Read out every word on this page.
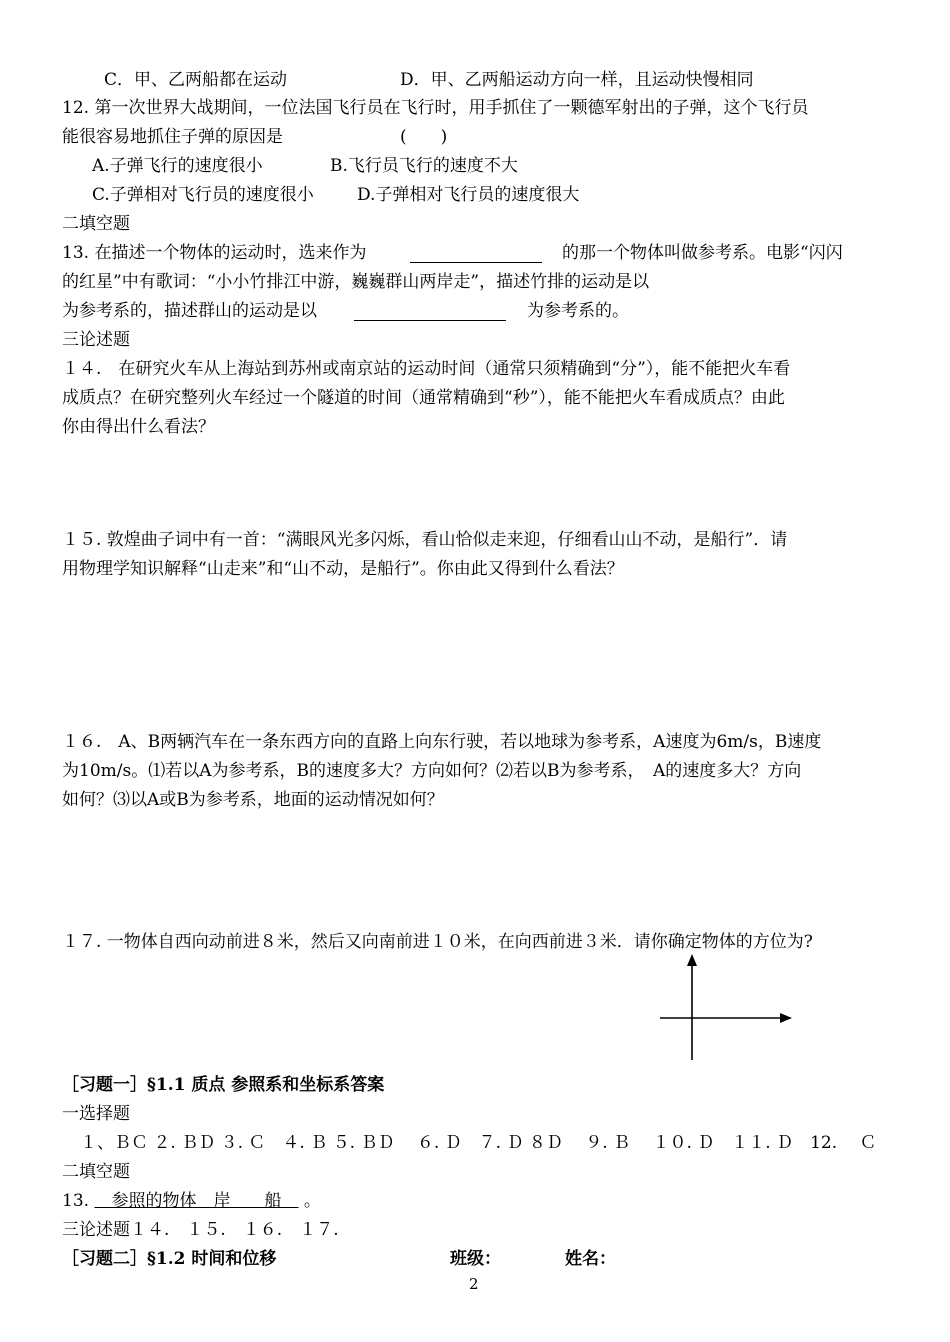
C．甲、乙两船都在运动	D．甲、乙两船运动方向一样，且运动快慢相同
12. 第一次世界大战期间，一位法国飞行员在飞行时，用手抓住了一颗德军射出的子弹，这个飞行员
能很容易地抓住子弹的原因是	(　　)
A.子弹飞行的速度很小	B.飞行员飞行的速度不大
C.子弹相对飞行员的速度很小	D.子弹相对飞行员的速度很大
二填空题
13. 在描述一个物体的运动时，选来作为	的那一个物体叫做参考系。电影“闪闪
的红星”中有歌词：“小小竹排江中游，巍巍群山两岸走”，描述竹排的运动是以
为参考系的，描述群山的运动是以	为参考系的。
三论述题
１４.　在研究火车从上海站到苏州或南京站的运动时间（通常只须精确到“分”），能不能把火车看
成质点？在研究整列火车经过一个隧道的时间（通常精确到“秒”），能不能把火车看成质点？由此
你由得出什么看法？
１５. 敦煌曲子词中有一首：“满眼风光多闪烁，看山恰似走来迎，仔细看山山不动，是船行”．请
用物理学知识解释“山走来”和“山不动，是船行”。你由此又得到什么看法？
１６.　A、B两辆汽车在一条东西方向的直路上向东行驶，若以地球为参考系，A速度为6m/s，B速度
为10m/s。⑴若以A为参考系，B的速度多大？方向如何？⑵若以B为参考系，　A的速度多大？方向
如何？⑶以A或B为参考系，地面的运动情况如何？
１７. 一物体自西向动前进８米，然后又向南前进１０米，在向西前进３米．请你确定物体的方位为?
［习题一］§1.1 质点 参照系和坐标系答案
一选择题
１、ＢＣ ２. ＢＤ ３. Ｃ　４. Ｂ ５. ＢＤ　 ６. Ｄ　７. Ｄ ８Ｄ　 ９. Ｂ　 １０. Ｄ　１１. Ｄ　12.　 Ｃ
二填空题
13. 　参照的物体　岸　　船　 。
三论述题１４.　１５.　１６.　１７.
［习题二］§1.2 时间和位移	班级：	姓名：
2
